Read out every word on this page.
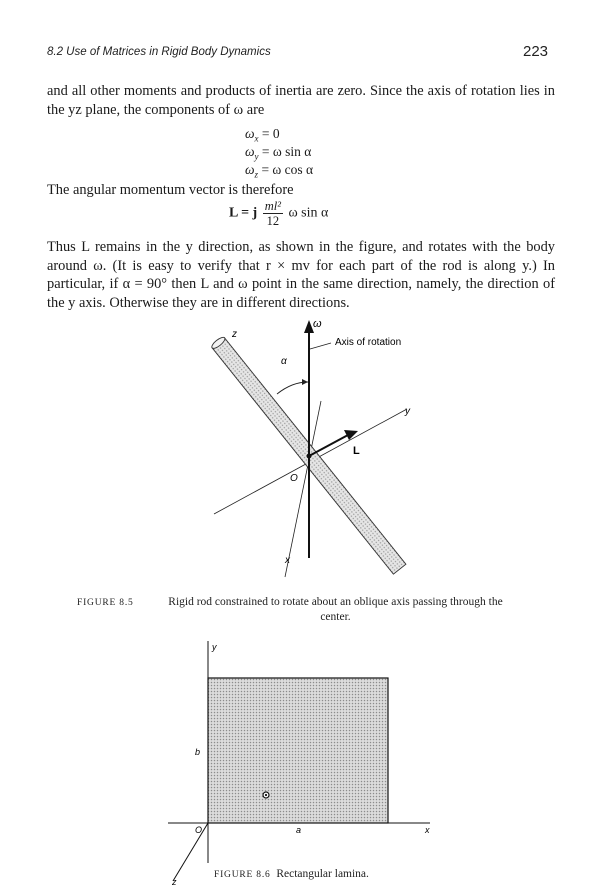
8.2 Use of Matrices in Rigid Body Dynamics	223

and all other moments and products of inertia are zero. Since the axis of rotation lies in the yz plane, the components of ω are

$\omega_x = 0$
$\omega_y = \omega$ sin α
$\omega_z = \omega$ cos α

The angular momentum vector is therefore

L = j $\frac{\text{ml²}}{12}$ ω sin α

Thus L remains in the y direction, as shown in the figure, and rotates with the body around ω. (It is easy to verify that r × mv for each part of the rod is along y.) In particular, if α = 90° then L and ω point in the same direction, namely, the direction of the y axis. Otherwise they are in different directions.

ω
Axis of rotation
z
α
y
L
O
x
FIGURE 8.5	Rigid rod constrained to rotate about an oblique axis passing through the center.
y
b
O	a	x
z
FIGURE 8.6 Rectangular lamina.
